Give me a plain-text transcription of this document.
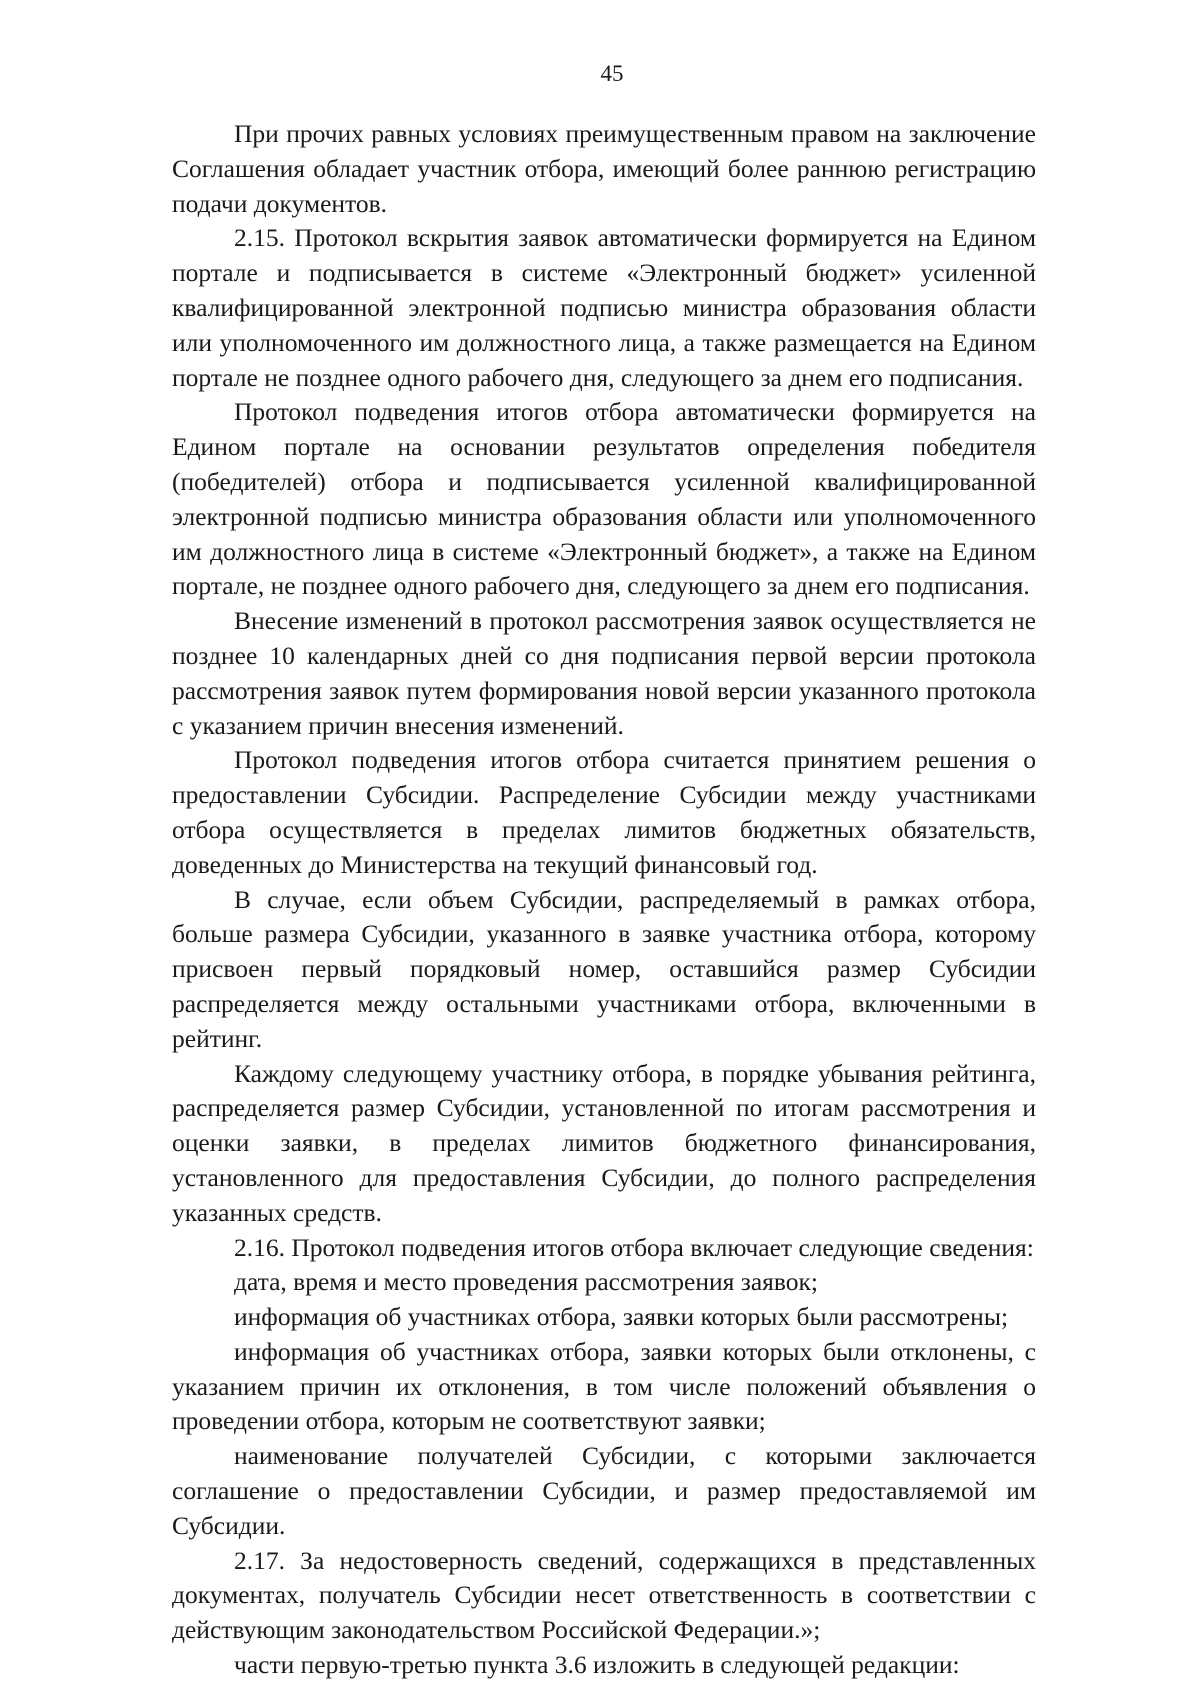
45

При прочих равных условиях преимущественным правом на заключение Соглашения обладает участник отбора, имеющий более раннюю регистрацию подачи документов.

2.15. Протокол вскрытия заявок автоматически формируется на Едином портале и подписывается в системе «Электронный бюджет» усиленной квалифицированной электронной подписью министра образования области или уполномоченного им должностного лица, а также размещается на Едином портале не позднее одного рабочего дня, следующего за днем его подписания.

Протокол подведения итогов отбора автоматически формируется на Едином портале на основании результатов определения победителя (победителей) отбора и подписывается усиленной квалифицированной электронной подписью министра образования области или уполномоченного им должностного лица в системе «Электронный бюджет», а также на Едином портале, не позднее одного рабочего дня, следующего за днем его подписания.

Внесение изменений в протокол рассмотрения заявок осуществляется не позднее 10 календарных дней со дня подписания первой версии протокола рассмотрения заявок путем формирования новой версии указанного протокола с указанием причин внесения изменений.

Протокол подведения итогов отбора считается принятием решения о предоставлении Субсидии. Распределение Субсидии между участниками отбора осуществляется в пределах лимитов бюджетных обязательств, доведенных до Министерства на текущий финансовый год.

В случае, если объем Субсидии, распределяемый в рамках отбора, больше размера Субсидии, указанного в заявке участника отбора, которому присвоен первый порядковый номер, оставшийся размер Субсидии распределяется между остальными участниками отбора, включенными в рейтинг.

Каждому следующему участнику отбора, в порядке убывания рейтинга, распределяется размер Субсидии, установленной по итогам рассмотрения и оценки заявки, в пределах лимитов бюджетного финансирования, установленного для предоставления Субсидии, до полного распределения указанных средств.

2.16. Протокол подведения итогов отбора включает следующие сведения:

дата, время и место проведения рассмотрения заявок;

информация об участниках отбора, заявки которых были рассмотрены;

информация об участниках отбора, заявки которых были отклонены, с указанием причин их отклонения, в том числе положений объявления о проведении отбора, которым не соответствуют заявки;

наименование получателей Субсидии, с которыми заключается соглашение о предоставлении Субсидии, и размер предоставляемой им Субсидии.

2.17. За недостоверность сведений, содержащихся в представленных документах, получатель Субсидии несет ответственность в соответствии с действующим законодательством Российской Федерации.»;

части первую-третью пункта 3.6 изложить в следующей редакции:
